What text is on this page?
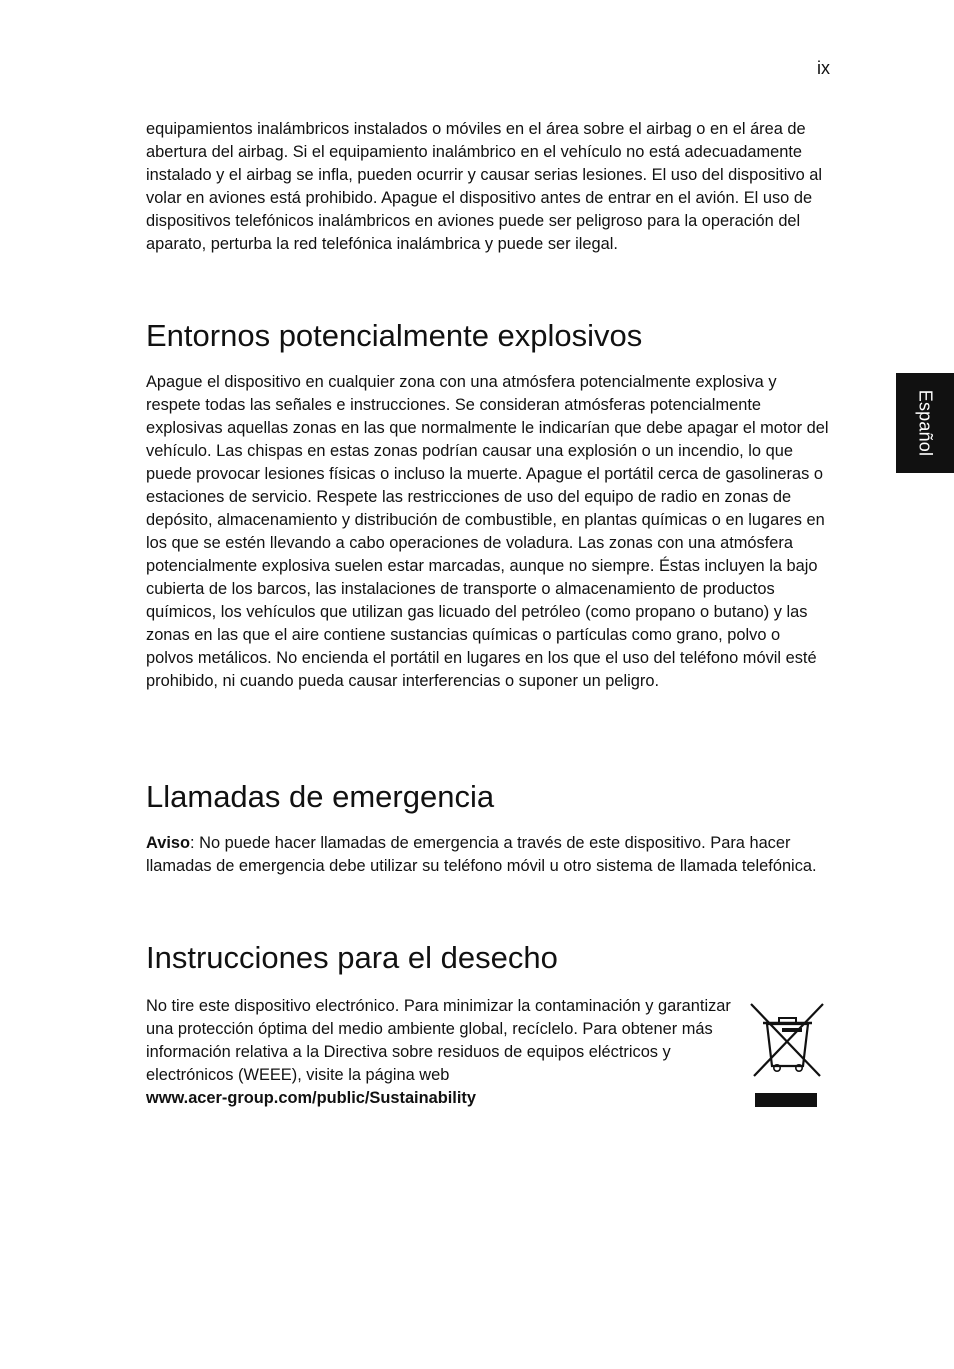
ix
Español

equipamientos inalámbricos instalados o móviles en el área sobre el airbag o en el área de abertura del airbag. Si el equipamiento inalámbrico en el vehículo no está adecuadamente instalado y el airbag se infla, pueden ocurrir y causar serias lesiones. El uso del dispositivo al volar en aviones está prohibido. Apague el dispositivo antes de entrar en el avión. El uso de dispositivos telefónicos inalámbricos en aviones puede ser peligroso para la operación del aparato, perturba la red telefónica inalámbrica y puede ser ilegal.

Entornos potencialmente explosivos

Apague el dispositivo en cualquier zona con una atmósfera potencialmente explosiva y respete todas las señales e instrucciones. Se consideran atmósferas potencialmente explosivas aquellas zonas en las que normalmente le indicarían que debe apagar el motor del vehículo. Las chispas en estas zonas podrían causar una explosión o un incendio, lo que puede provocar lesiones físicas o incluso la muerte. Apague el portátil cerca de gasolineras o estaciones de servicio. Respete las restricciones de uso del equipo de radio en zonas de depósito, almacenamiento y distribución de combustible, en plantas químicas o en lugares en los que se estén llevando a cabo operaciones de voladura. Las zonas con una atmósfera potencialmente explosiva suelen estar marcadas, aunque no siempre. Éstas incluyen la bajo cubierta de los barcos, las instalaciones de transporte o almacenamiento de productos químicos, los vehículos que utilizan gas licuado del petróleo (como propano o butano) y las zonas en las que el aire contiene sustancias químicas o partículas como grano, polvo o polvos metálicos. No encienda el portátil en lugares en los que el uso del teléfono móvil esté prohibido, ni cuando pueda causar interferencias o suponer un peligro.

Llamadas de emergencia

Aviso: No puede hacer llamadas de emergencia a través de este dispositivo. Para hacer llamadas de emergencia debe utilizar su teléfono móvil u otro sistema de llamada telefónica.

Instrucciones para el desecho

No tire este dispositivo electrónico. Para minimizar la contaminación y garantizar una protección óptima del medio ambiente global, recíclelo. Para obtener más información relativa a la Directiva sobre residuos de equipos eléctricos y electrónicos (WEEE), visite la página web
www.acer-group.com/public/Sustainability
